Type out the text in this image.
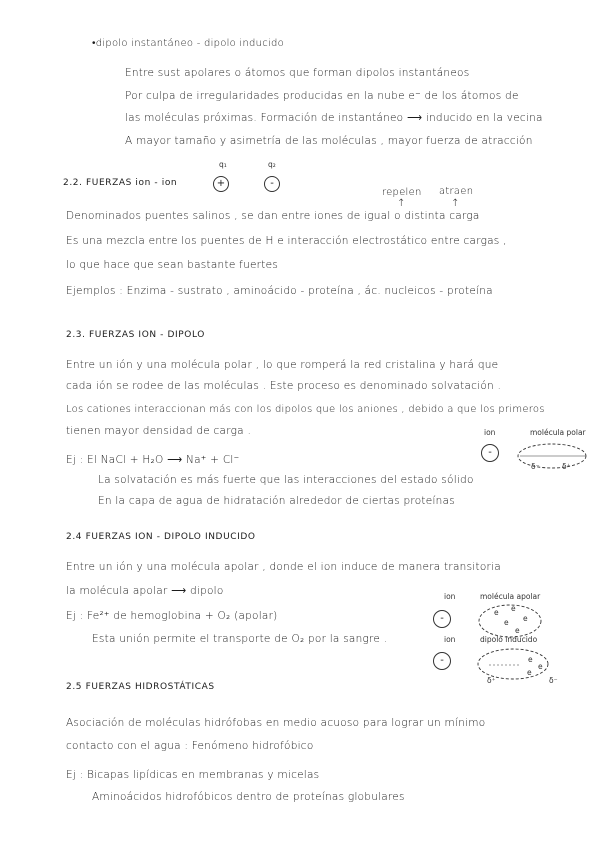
•dipolo instantáneo - dipolo inducido
Entre sust apolares o átomos que forman dipolos instantáneos
Por culpa de irregularidades producidas en la nube e⁻ de los átomos de
las moléculas próximas. Formación de instantáneo ⟶ inducido en la vecina
A mayor tamaño y asimetría de las moléculas , mayor fuerza de atracción
2.2. FUERZAS ion - ion
q₁	q₂
+	-
repelen atraen
↑	↑
Denominados puentes salinos , se dan entre iones de igual o distinta carga
Es una mezcla entre los puentes de H e interacción electrostático entre cargas ,
lo que hace que sean bastante fuertes
Ejemplos : Enzima - sustrato , aminoácido - proteína , ác. nucleicos - proteína
2.3. FUERZAS ION - DIPOLO
Entre un ión y una molécula polar , lo que romperá la red cristalina y hará que
cada ión se rodee de las moléculas . Este proceso es denominado solvatación .
Los cationes interaccionan más con los dipolos que los aniones , debido a que los primeros
tienen mayor densidad de carga .
Ej : El NaCl + H₂O ⟶ Na⁺ + Cl⁻
La solvatación es más fuerte que las interacciones del estado sólido
En la capa de agua de hidratación alrededor de ciertas proteínas
ion	molécula polar
-
δ⁻	δ⁺
2.4 FUERZAS ION - DIPOLO INDUCIDO
Entre un ión y una molécula apolar , donde el ion induce de manera transitoria
la molécula apolar ⟶ dipolo
Ej : Fe²⁺ de hemoglobina + O₂ (apolar)
Esta unión permite el transporte de O₂ por la sangre .
ion	molécula apolar
-
e e
e e
e
ion	dipolo inducido
-	e
e
e
δ⁺	δ⁻
2.5 FUERZAS HIDROSTÁTICAS
Asociación de moléculas hidrófobas en medio acuoso para lograr un mínimo
contacto con el agua : Fenómeno hidrofóbico
Ej : Bicapas lipídicas en membranas y micelas
Aminoácidos hidrofóbicos dentro de proteínas globulares
